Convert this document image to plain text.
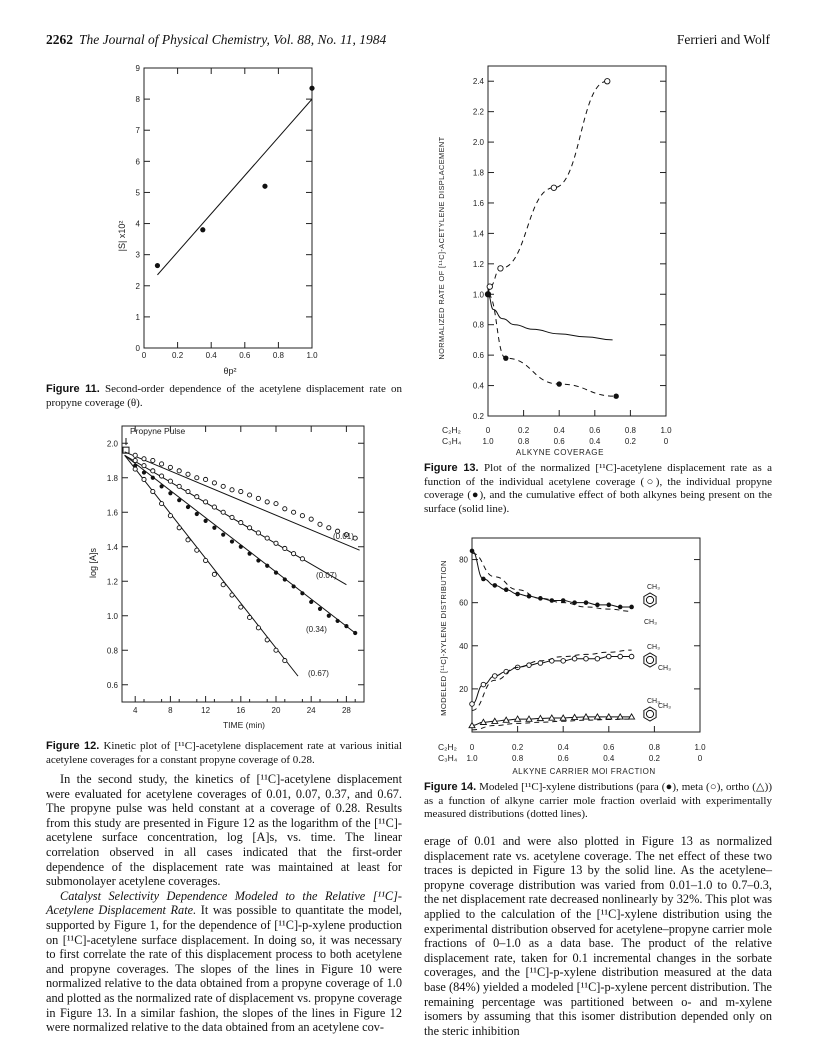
2262 The Journal of Physical Chemistry, Vol. 88, No. 11, 1984	Ferrieri and Wolf
0
1
2
3
4
5
6
7
8
9
0	0.2	0.4	0.6	0.8	1.0
|S| x10²
θp²
Figure 11. Second-order dependence of the acetylene displacement rate on propyne coverage (θ).
0.6
0.8
1.0
1.2
1.4
1.6
1.8
2.0
4	8	12	16	20	24	28
(0.01)
(0.07)
(0.34)
(0.67)
Propyne Pulse
log [A]s
TIME (min)
Figure 12. Kinetic plot of [¹¹C]-acetylene displacement rate at various initial acetylene coverages for a constant propyne coverage of 0.28.

In the second study, the kinetics of [¹¹C]-acetylene displacement were evaluated for acetylene coverages of 0.01, 0.07, 0.37, and 0.67. The propyne pulse was held constant at a coverage of 0.28. Results from this study are presented in Figure 12 as the logarithm of the [¹¹C]-acetylene surface concentration, log [A]s, vs. time. The linear correlation observed in all cases indicated that the first-order dependence of the displacement rate was maintained at least for submonolayer acetylene coverages.

Catalyst Selectivity Dependence Modeled to the Relative [¹¹C]-Acetylene Displacement Rate. It was possible to quantitate the model, supported by Figure 1, for the dependence of [¹¹C]-p-xylene production on [¹¹C]-acetylene surface displacement. In doing so, it was necessary to first correlate the rate of this displacement process to both acetylene and propyne coverages. The slopes of the lines in Figure 10 were normalized relative to the data obtained from a propyne coverage of 1.0 and plotted as the normalized rate of displacement vs. propyne coverage in Figure 13. In a similar fashion, the slopes of the lines in Figure 12 were normalized relative to the data obtained from an acetylene cov-

0.2
0.4
0.6
0.8
1.0
1.2
1.4
1.6
1.8
2.0
2.2
2.4
0
1.0
0.2
0.8
0.4
0.6
0.6
0.4
0.8
0.2
1.0
0
NORMALIZED RATE OF [¹¹C]-ACETYLENE DISPLACEMENT
C₂H₂
C₃H₄
ALKYNE COVERAGE
Figure 13. Plot of the normalized [¹¹C]-acetylene displacement rate as a function of the individual acetylene coverage (○), the individual propyne coverage (●), and the cumulative effect of both alkynes being present on the surface (solid line).
20
40
60
80
0
1.0
0.2
0.8
0.4
0.6
0.6
0.4
0.8
0.2
1.0
0
CH₃
CH₃
CH₃
CH₃
CH₃
CH₃
MODELED [¹¹C]-XYLENE DISTRIBUTION
C₂H₂
C₃H₄
ALKYNE CARRIER MOl FRACTION
Figure 14. Modeled [¹¹C]-xylene distributions (para (●), meta (○), ortho (△)) as a function of alkyne carrier mole fraction overlaid with experimentally measured distributions (dotted lines).

erage of 0.01 and were also plotted in Figure 13 as normalized displacement rate vs. acetylene coverage. The net effect of these two traces is depicted in Figure 13 by the solid line. As the acetylene–propyne coverage distribution was varied from 0.01–1.0 to 0.7–0.3, the net displacement rate decreased nonlinearly by 32%. This plot was applied to the calculation of the [¹¹C]-xylene distribution using the experimental distribution observed for acetylene–propyne carrier mole fractions of 0–1.0 as a data base. The product of the relative displacement rate, taken for 0.1 incremental changes in the sorbate coverages, and the [¹¹C]-p-xylene distribution measured at the data base (84%) yielded a modeled [¹¹C]-p-xylene percent distribution. The remaining percentage was partitioned between o- and m-xylene isomers by assuming that this isomer distribution depended only on the steric inhibition
